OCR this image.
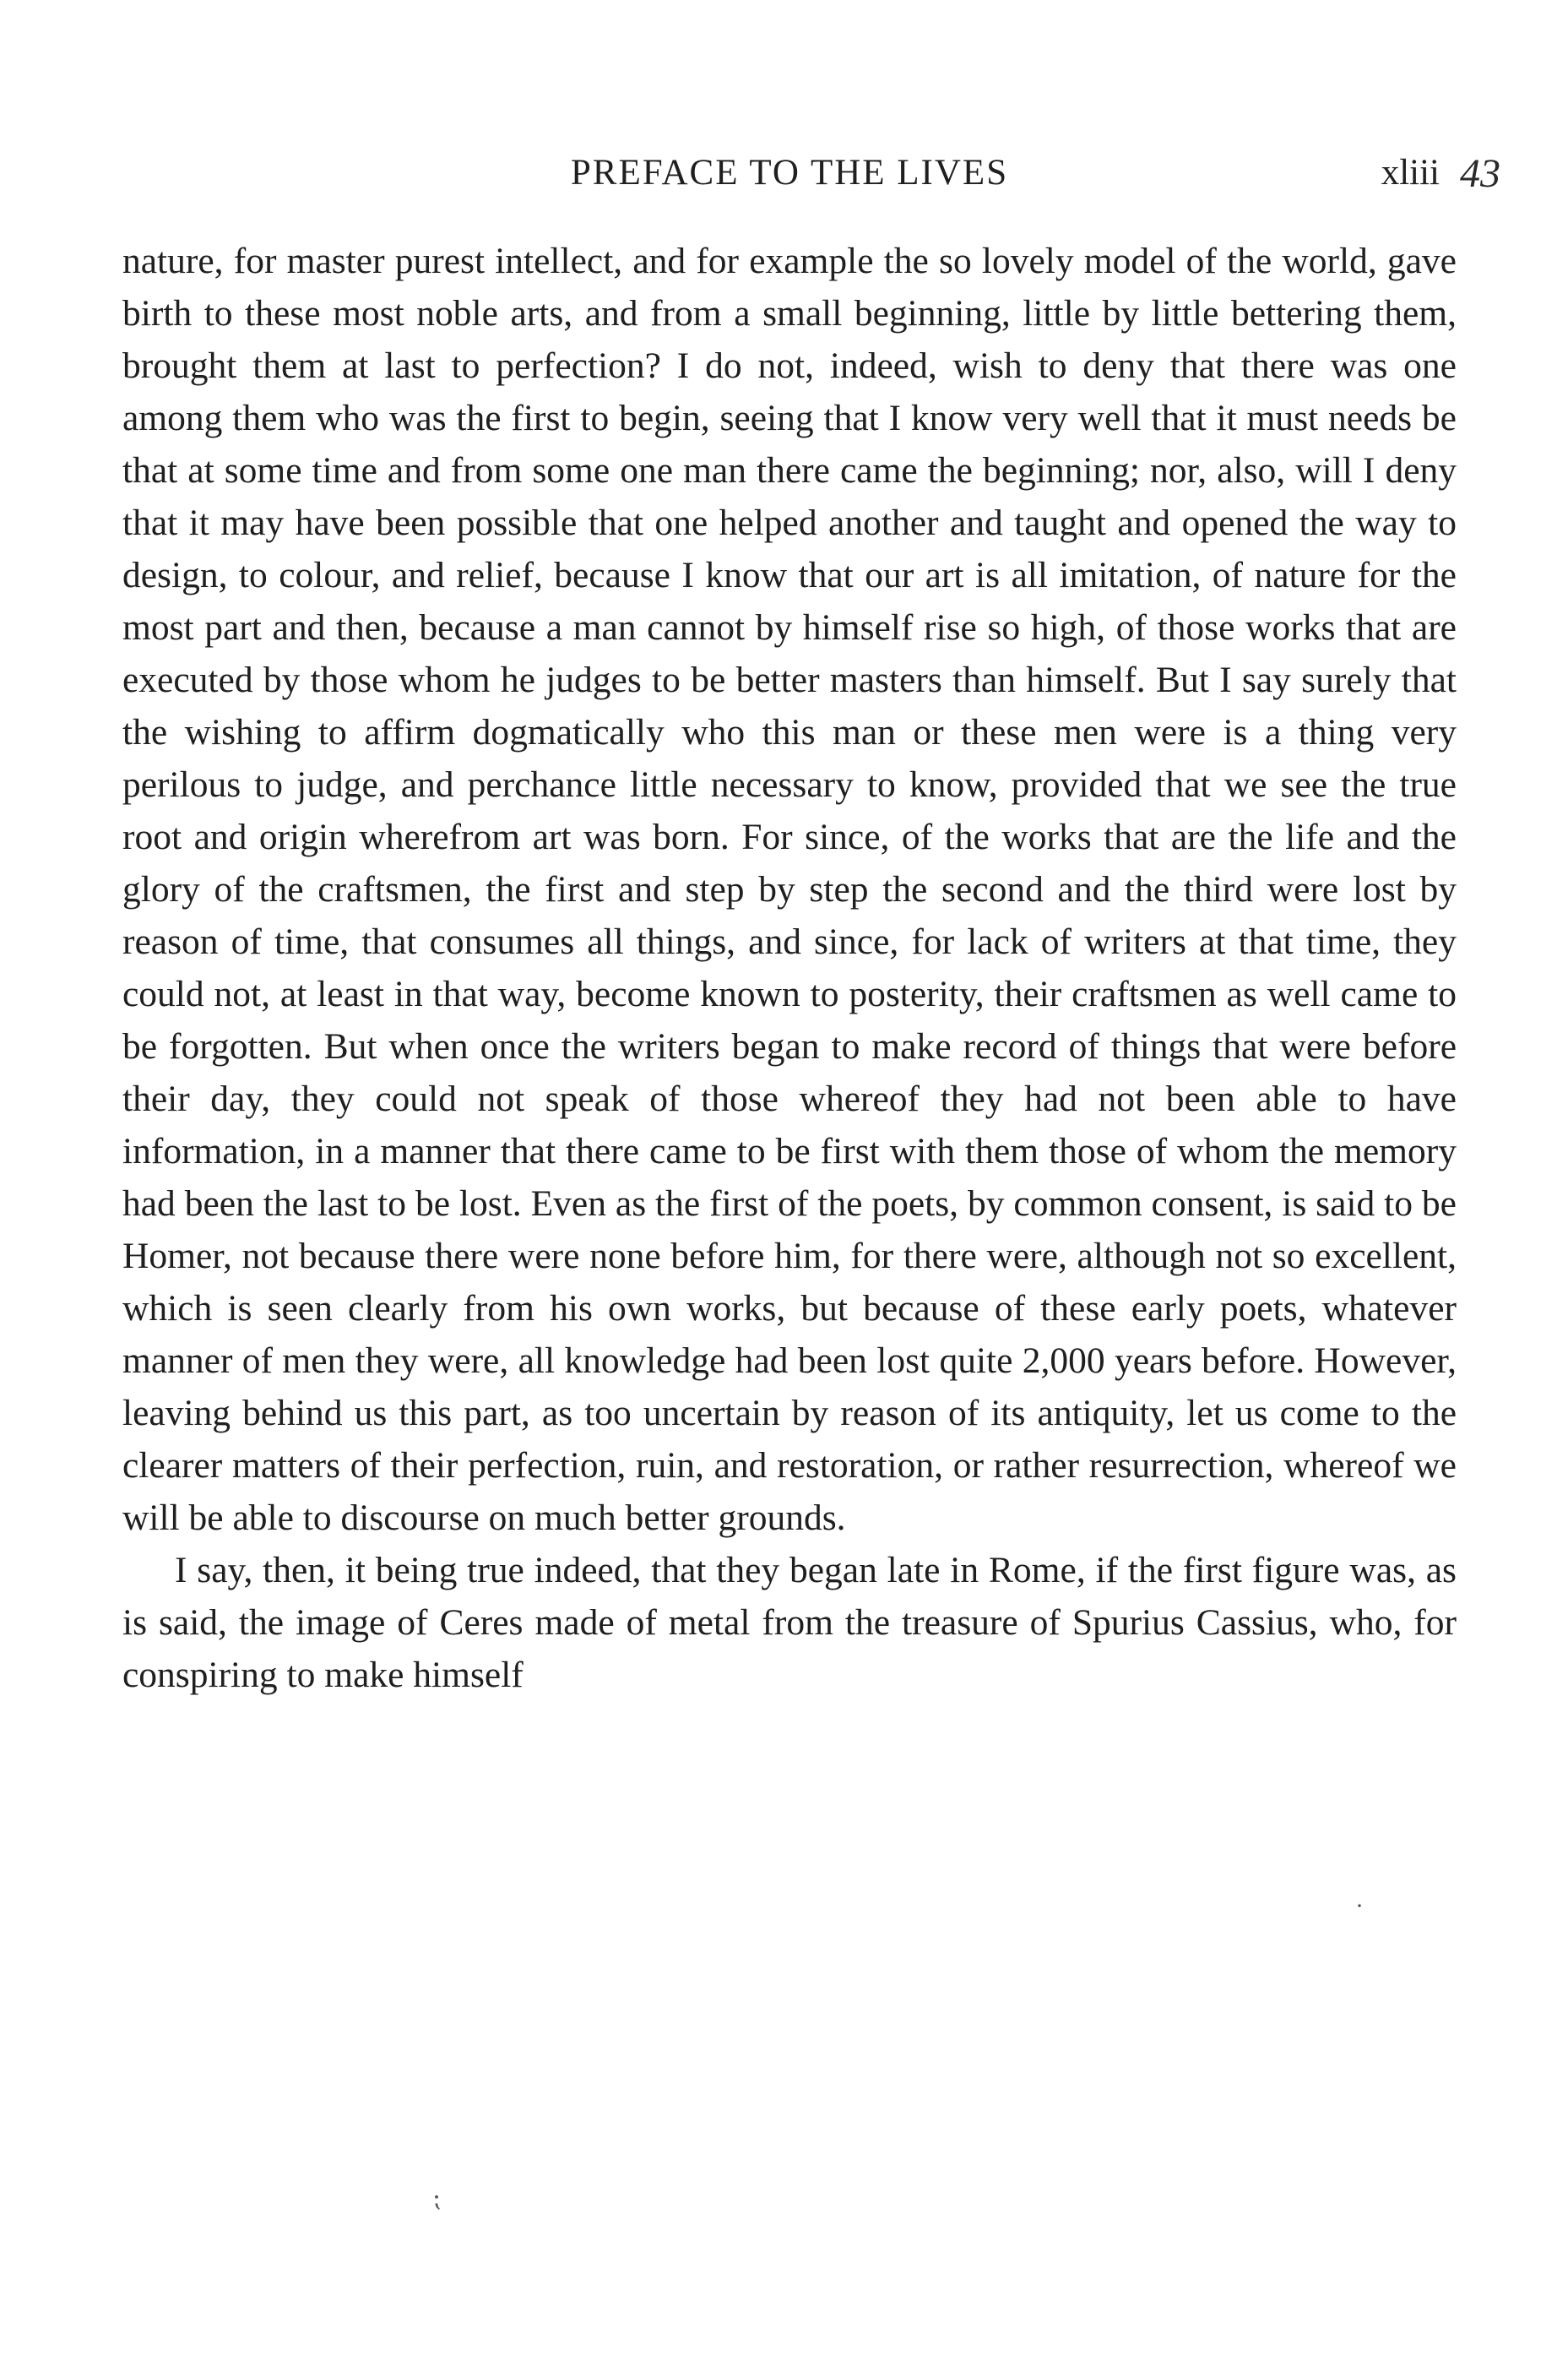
PREFACE TO THE LIVES	xliii 43

nature, for master purest intellect, and for example the so lovely model of the world, gave birth to these most noble arts, and from a small beginning, little by little bettering them, brought them at last to perfection? I do not, indeed, wish to deny that there was one among them who was the first to begin, seeing that I know very well that it must needs be that at some time and from some one man there came the beginning; nor, also, will I deny that it may have been possible that one helped another and taught and opened the way to design, to colour, and relief, because I know that our art is all imitation, of nature for the most part and then, because a man cannot by himself rise so high, of those works that are executed by those whom he judges to be better masters than himself. But I say surely that the wishing to affirm dogmatically who this man or these men were is a thing very perilous to judge, and perchance little necessary to know, provided that we see the true root and origin wherefrom art was born. For since, of the works that are the life and the glory of the craftsmen, the first and step by step the second and the third were lost by reason of time, that consumes all things, and since, for lack of writers at that time, they could not, at least in that way, become known to posterity, their craftsmen as well came to be forgotten. But when once the writers began to make record of things that were before their day, they could not speak of those whereof they had not been able to have information, in a manner that there came to be first with them those of whom the memory had been the last to be lost. Even as the first of the poets, by common consent, is said to be Homer, not because there were none before him, for there were, although not so excellent, which is seen clearly from his own works, but because of these early poets, whatever manner of men they were, all knowledge had been lost quite 2,000 years before. However, leaving behind us this part, as too uncertain by reason of its antiquity, let us come to the clearer matters of their perfection, ruin, and restoration, or rather resurrection, whereof we will be able to discourse on much better grounds.

I say, then, it being true indeed, that they began late in Rome, if the first figure was, as is said, the image of Ceres made of metal from the treasure of Spurius Cassius, who, for conspiring to make himself

·
⁏
